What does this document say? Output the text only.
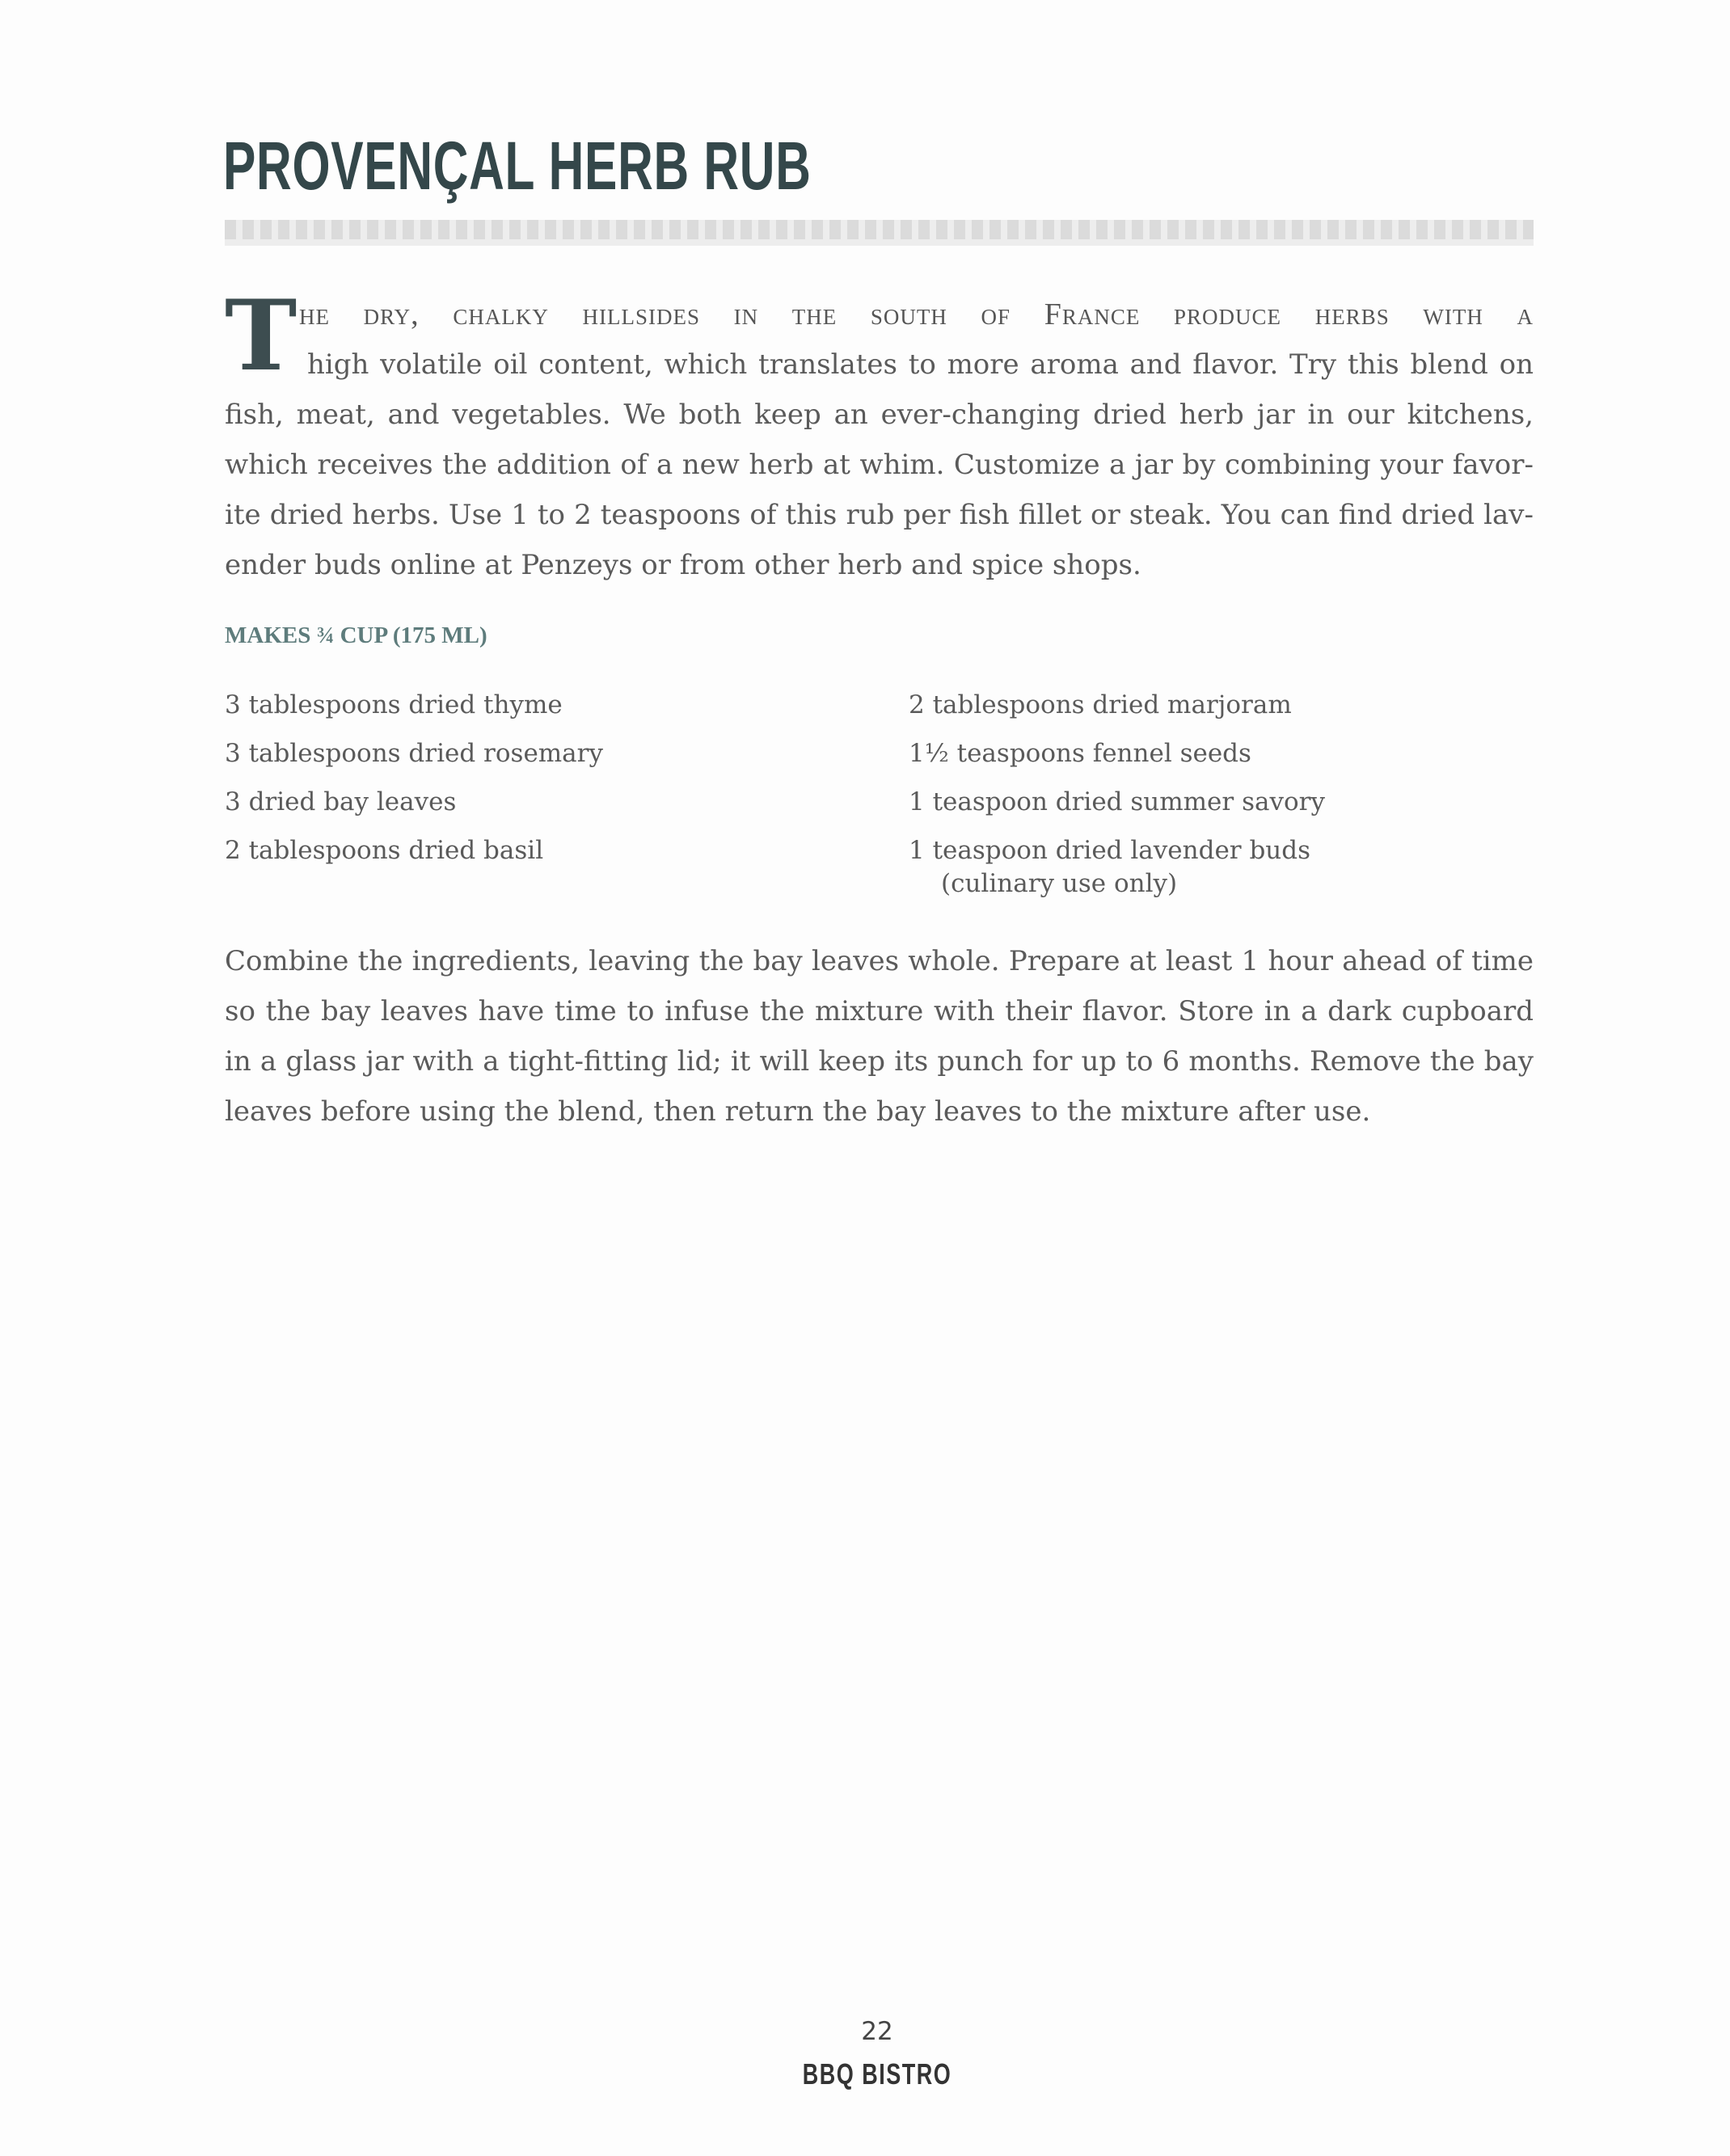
PROVENÇAL HERB RUB
T he dry, chalky hillsides in the south of France produce herbs with a
high volatile oil content, which translates to more aroma and flavor. Try this blend on
fish, meat, and vegetables. We both keep an ever-changing dried herb jar in our kitchens,
which receives the addition of a new herb at whim. Customize a jar by combining your favor-
ite dried herbs. Use 1 to 2 teaspoons of this rub per fish fillet or steak. You can find dried lav-
ender buds online at Penzeys or from other herb and spice shops.
MAKES ¾ CUP (175 ML)
3 tablespoons dried thyme
3 tablespoons dried rosemary
3 dried bay leaves
2 tablespoons dried basil
2 tablespoons dried marjoram
1½ teaspoons fennel seeds
1 teaspoon dried summer savory
1 teaspoon dried lavender buds
(culinary use only)
Combine the ingredients, leaving the bay leaves whole. Prepare at least 1 hour ahead of time
so the bay leaves have time to infuse the mixture with their flavor. Store in a dark cupboard
in a glass jar with a tight-fitting lid; it will keep its punch for up to 6 months. Remove the bay
leaves before using the blend, then return the bay leaves to the mixture after use.
22
BBQ BISTRO
